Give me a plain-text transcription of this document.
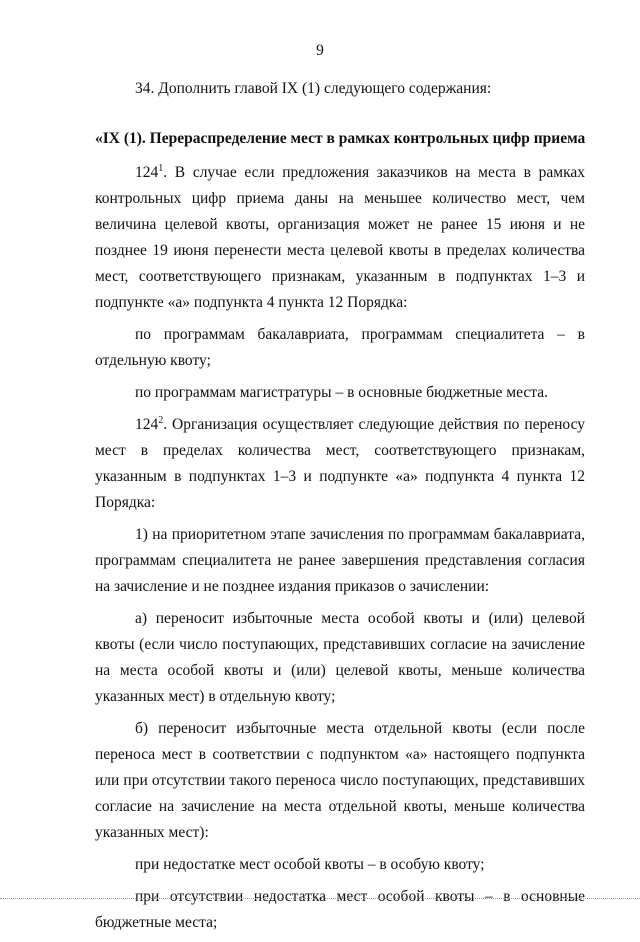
9

34. Дополнить главой IX (1) следующего содержания:

«IX (1). Перераспределение мест в рамках контрольных цифр приема

$124^1$. В случае если предложения заказчиков на места в рамках контрольных цифр приема даны на меньшее количество мест, чем величина целевой квоты, организация может не ранее 15 июня и не позднее 19 июня перенести места целевой квоты в пределах количества мест, соответствующего признакам, указанным в подпунктах 1–3 и подпункте «а» подпункта 4 пункта 12 Порядка:

по программам бакалавриата, программам специалитета – в отдельную квоту;

по программам магистратуры – в основные бюджетные места.

$124^2$. Организация осуществляет следующие действия по переносу мест в пределах количества мест, соответствующего признакам, указанным в подпунктах 1–3 и подпункте «а» подпункта 4 пункта 12 Порядка:

1) на приоритетном этапе зачисления по программам бакалавриата, программам специалитета не ранее завершения представления согласия на зачисление и не позднее издания приказов о зачислении:

а) переносит избыточные места особой квоты и (или) целевой квоты (если число поступающих, представивших согласие на зачисление на места особой квоты и (или) целевой квоты, меньше количества указанных мест) в отдельную квоту;

б) переносит избыточные места отдельной квоты (если после переноса мест в соответствии с подпунктом «а» настоящего подпункта или при отсутствии такого переноса число поступающих, представивших согласие на зачисление на места отдельной квоты, меньше количества указанных мест):

при недостатке мест особой квоты – в особую квоту;

при отсутствии недостатка мест особой квоты – в основные бюджетные места;
